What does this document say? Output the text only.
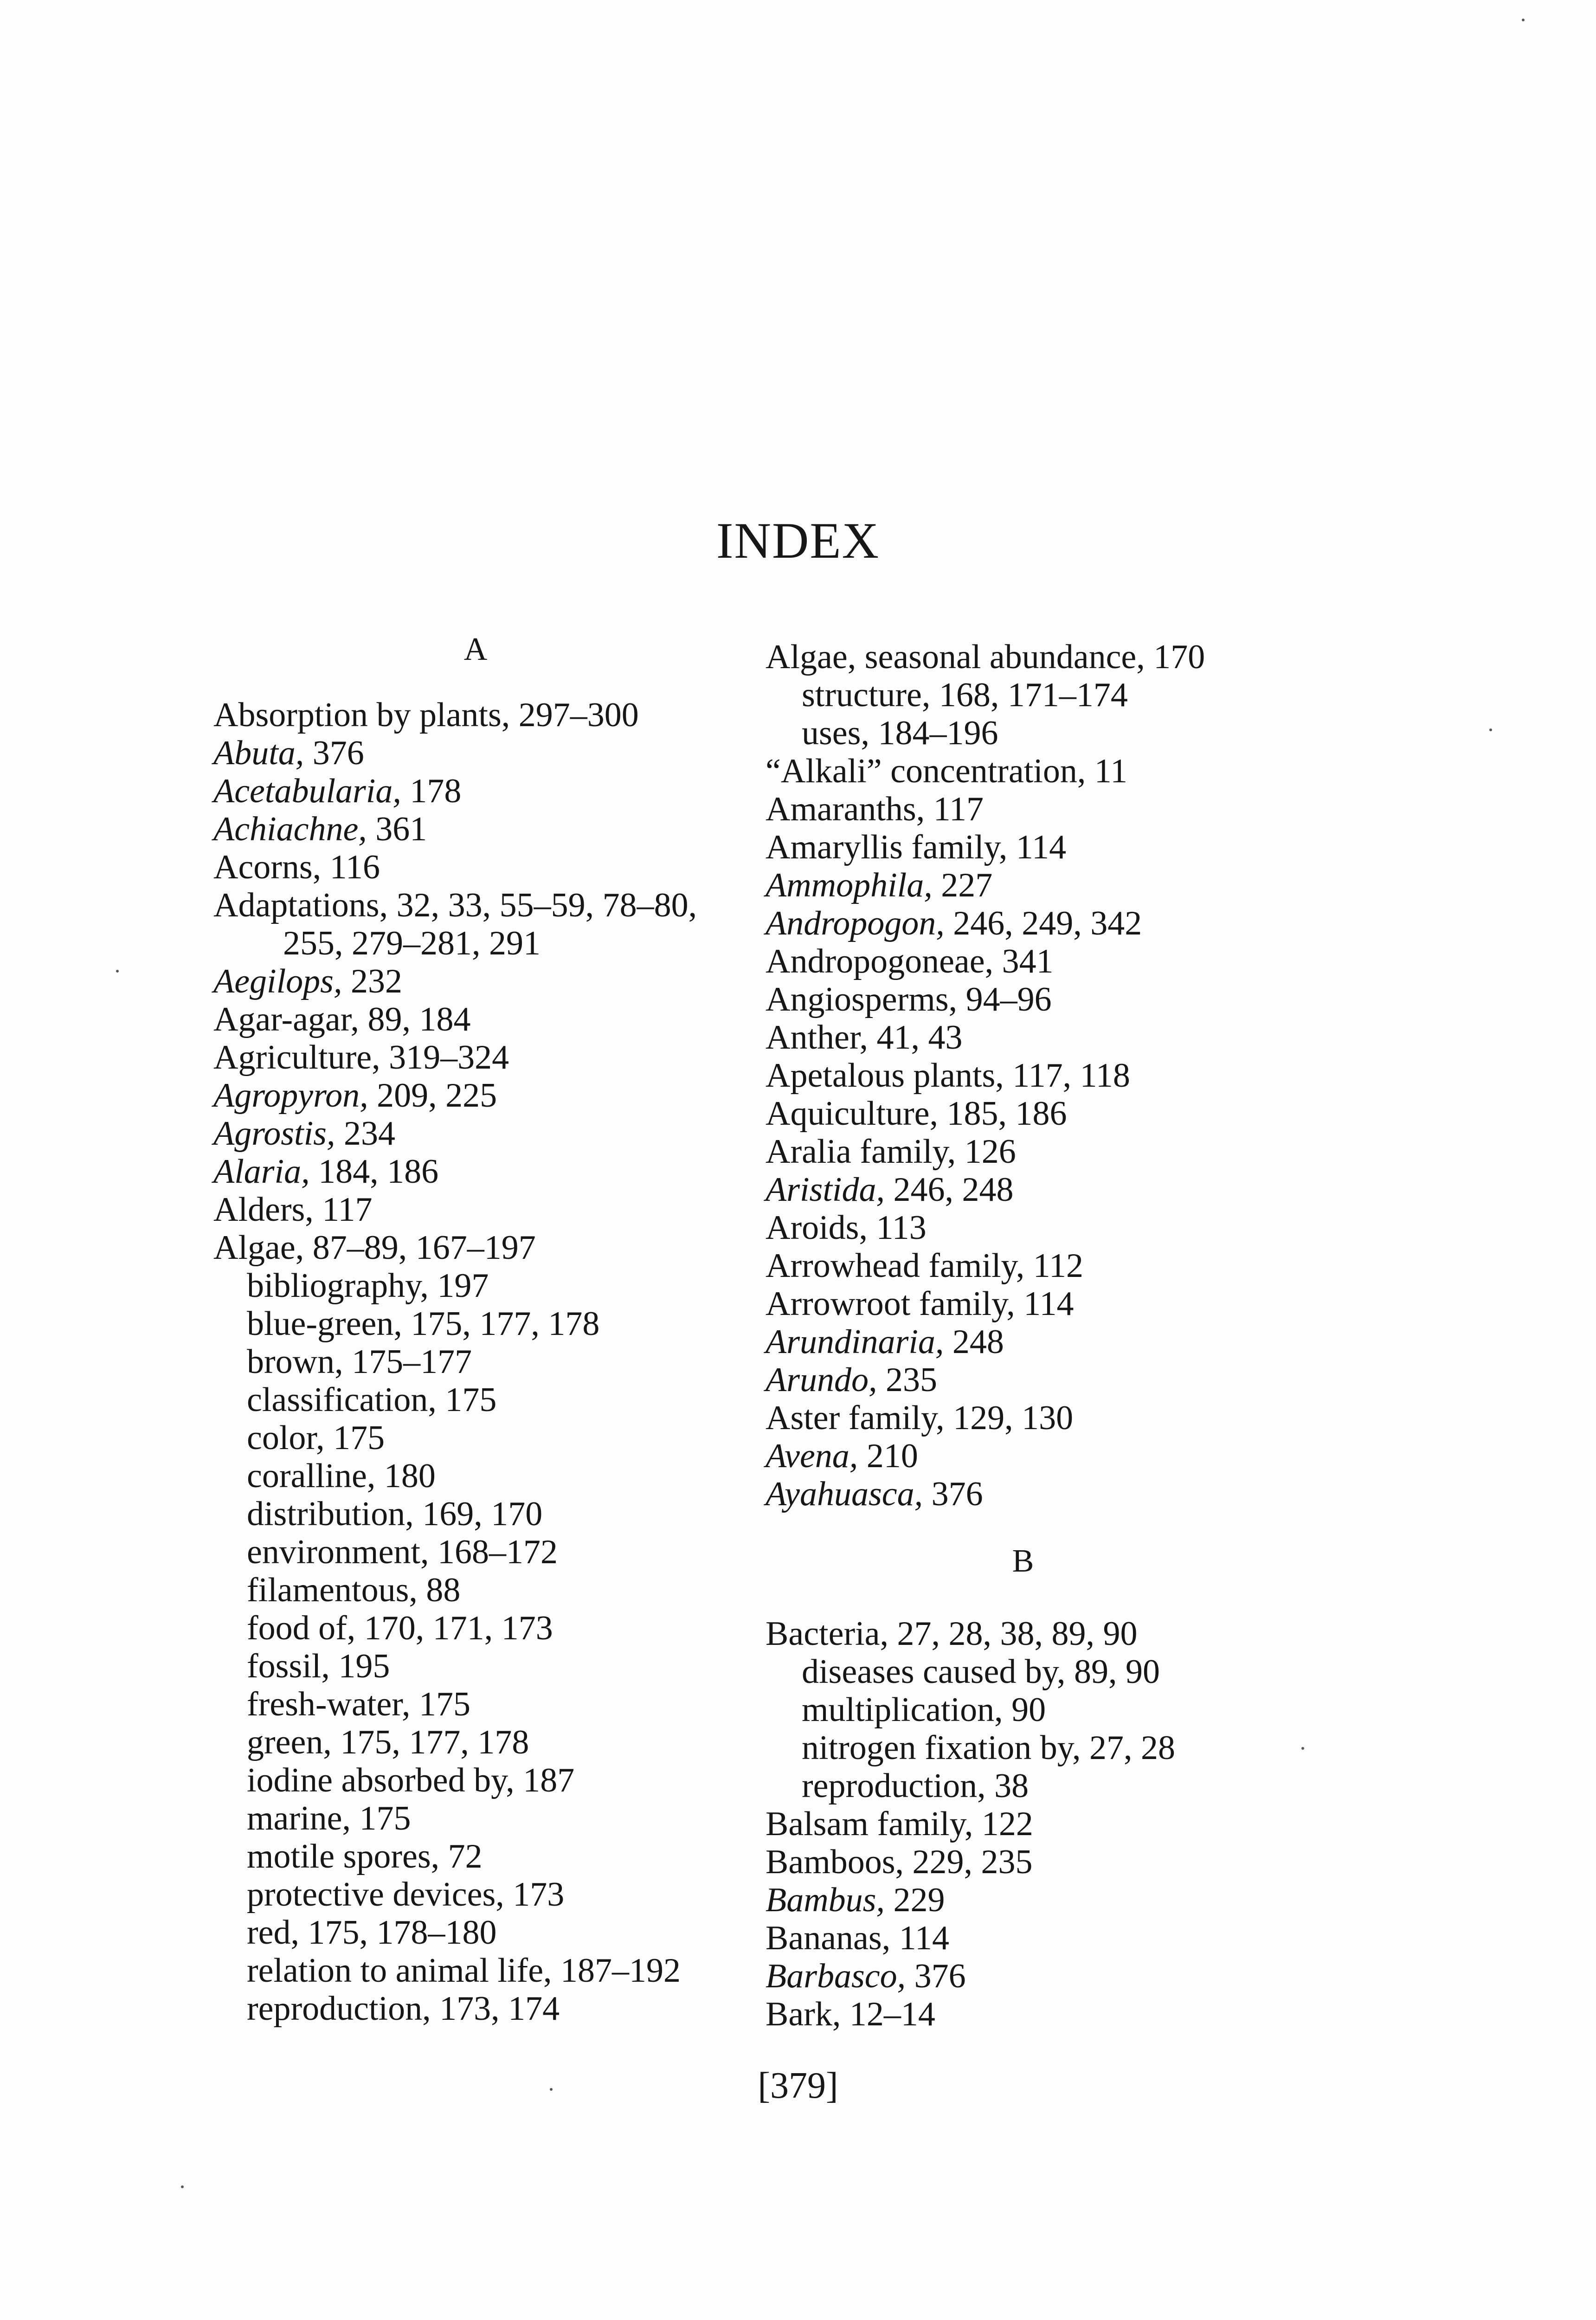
INDEX
A
Absorption by plants, 297–300
Abuta, 376
Acetabularia, 178
Achiachne, 361
Acorns, 116
Adaptations, 32, 33, 55–59, 78–80,
255, 279–281, 291
Aegilops, 232
Agar-agar, 89, 184
Agriculture, 319–324
Agropyron, 209, 225
Agrostis, 234
Alaria, 184, 186
Alders, 117
Algae, 87–89, 167–197
bibliography, 197
blue-green, 175, 177, 178
brown, 175–177
classification, 175
color, 175
coralline, 180
distribution, 169, 170
environment, 168–172
filamentous, 88
food of, 170, 171, 173
fossil, 195
fresh-water, 175
green, 175, 177, 178
iodine absorbed by, 187
marine, 175
motile spores, 72
protective devices, 173
red, 175, 178–180
relation to animal life, 187–192
reproduction, 173, 174
Algae, seasonal abundance, 170
structure, 168, 171–174
uses, 184–196
“Alkali” concentration, 11
Amaranths, 117
Amaryllis family, 114
Ammophila, 227
Andropogon, 246, 249, 342
Andropogoneae, 341
Angiosperms, 94–96
Anther, 41, 43
Apetalous plants, 117, 118
Aquiculture, 185, 186
Aralia family, 126
Aristida, 246, 248
Aroids, 113
Arrowhead family, 112
Arrowroot family, 114
Arundinaria, 248
Arundo, 235
Aster family, 129, 130
Avena, 210
Ayahuasca, 376
B
Bacteria, 27, 28, 38, 89, 90
diseases caused by, 89, 90
multiplication, 90
nitrogen fixation by, 27, 28
reproduction, 38
Balsam family, 122
Bamboos, 229, 235
Bambus, 229
Bananas, 114
Barbasco, 376
Bark, 12–14
[379]
